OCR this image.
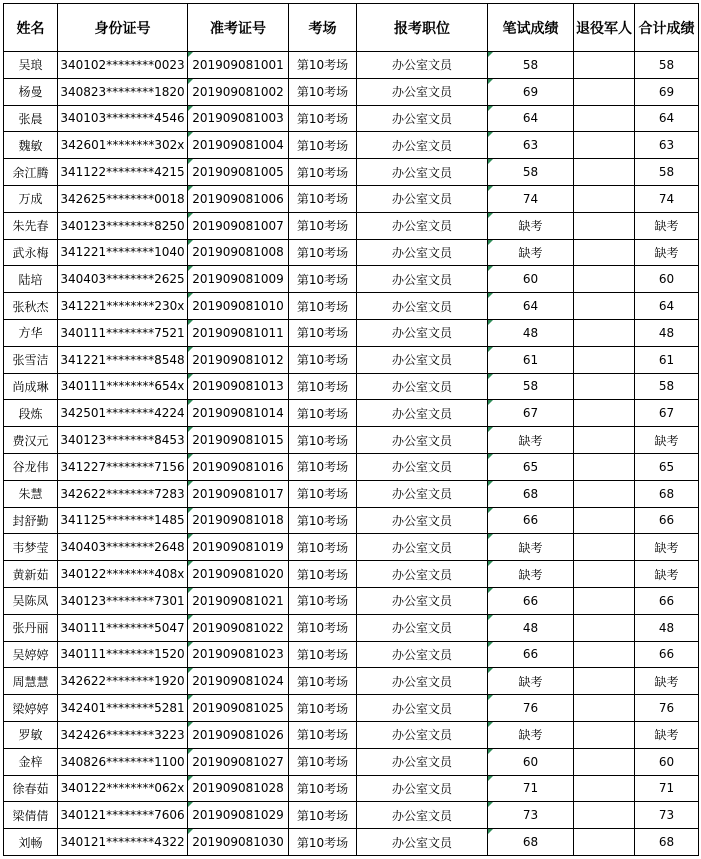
姓名	身份证号	准考证号	考场	报考职位	笔试成绩	退役军人	合计成绩
吴琅	340102********0023	201909081001	第10考场	办公室文员	58		58
杨曼	340823********1820	201909081002	第10考场	办公室文员	69		69
张晨	340103********4546	201909081003	第10考场	办公室文员	64		64
魏敏	342601********302x	201909081004	第10考场	办公室文员	63		63
余江腾	341122********4215	201909081005	第10考场	办公室文员	58		58
万成	342625********0018	201909081006	第10考场	办公室文员	74		74
朱先春	340123********8250	201909081007	第10考场	办公室文员	缺考		缺考
武永梅	341221********1040	201909081008	第10考场	办公室文员	缺考		缺考
陆培	340403********2625	201909081009	第10考场	办公室文员	60		60
张秋杰	341221********230x	201909081010	第10考场	办公室文员	64		64
方华	340111********7521	201909081011	第10考场	办公室文员	48		48
张雪洁	341221********8548	201909081012	第10考场	办公室文员	61		61
尚成琳	340111********654x	201909081013	第10考场	办公室文员	58		58
段炼	342501********4224	201909081014	第10考场	办公室文员	67		67
费汉元	340123********8453	201909081015	第10考场	办公室文员	缺考		缺考
谷龙伟	341227********7156	201909081016	第10考场	办公室文员	65		65
朱慧	342622********7283	201909081017	第10考场	办公室文员	68		68
封舒勤	341125********1485	201909081018	第10考场	办公室文员	66		66
韦梦莹	340403********2648	201909081019	第10考场	办公室文员	缺考		缺考
黄新茹	340122********408x	201909081020	第10考场	办公室文员	缺考		缺考
吴陈凤	340123********7301	201909081021	第10考场	办公室文员	66		66
张丹丽	340111********5047	201909081022	第10考场	办公室文员	48		48
吴婷婷	340111********1520	201909081023	第10考场	办公室文员	66		66
周慧慧	342622********1920	201909081024	第10考场	办公室文员	缺考		缺考
梁婷婷	342401********5281	201909081025	第10考场	办公室文员	76		76
罗敏	342426********3223	201909081026	第10考场	办公室文员	缺考		缺考
金梓	340826********1100	201909081027	第10考场	办公室文员	60		60
徐春茹	340122********062x	201909081028	第10考场	办公室文员	71		71
梁倩倩	340121********7606	201909081029	第10考场	办公室文员	73		73
刘畅	340121********4322	201909081030	第10考场	办公室文员	68		68
